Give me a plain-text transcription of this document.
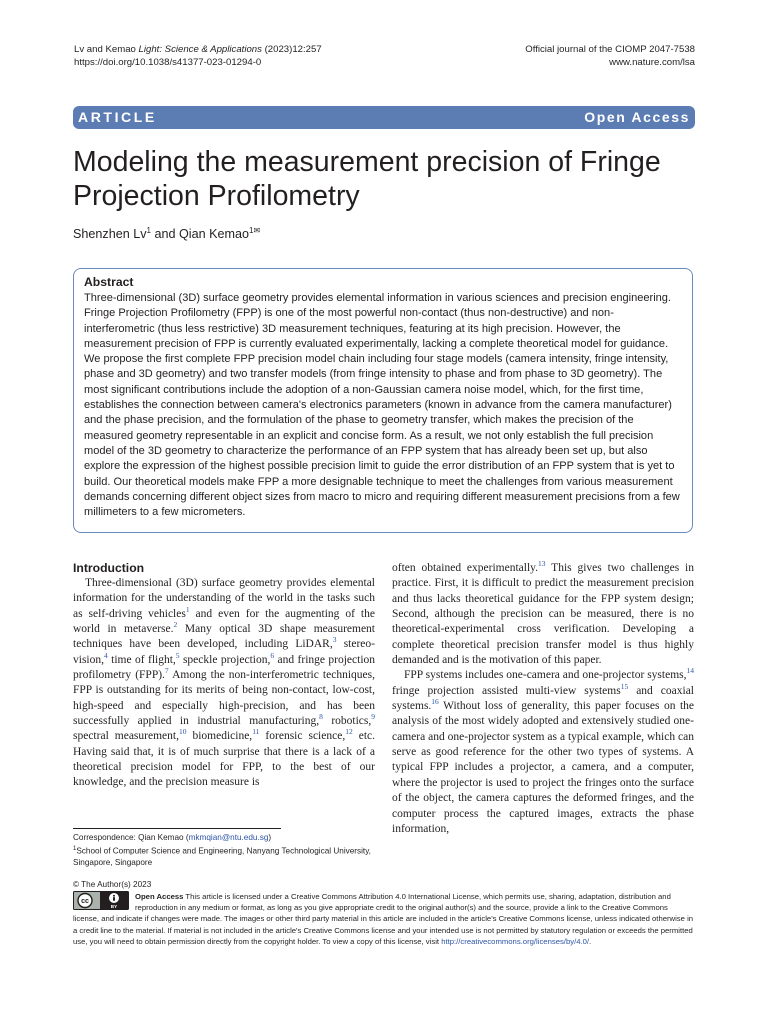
Lv and Kemao Light: Science & Applications (2023)12:257
https://doi.org/10.1038/s41377-023-01294-0
Official journal of the CIOMP 2047-7538
www.nature.com/lsa
ARTICLE	Open Access
Modeling the measurement precision of Fringe Projection Profilometry
Shenzhen Lv$^1$ and Qian Kemao$^{1✉}$
Abstract

Three-dimensional (3D) surface geometry provides elemental information in various sciences and precision engineering. Fringe Projection Profilometry (FPP) is one of the most powerful non-contact (thus non-destructive) and non-interferometric (thus less restrictive) 3D measurement techniques, featuring at its high precision. However, the measurement precision of FPP is currently evaluated experimentally, lacking a complete theoretical model for guidance. We propose the first complete FPP precision model chain including four stage models (camera intensity, fringe intensity, phase and 3D geometry) and two transfer models (from fringe intensity to phase and from phase to 3D geometry). The most significant contributions include the adoption of a non-Gaussian camera noise model, which, for the first time, establishes the connection between camera's electronics parameters (known in advance from the camera manufacturer) and the phase precision, and the formulation of the phase to geometry transfer, which makes the precision of the measured geometry representable in an explicit and concise form. As a result, we not only establish the full precision model of the 3D geometry to characterize the performance of an FPP system that has already been set up, but also explore the expression of the highest possible precision limit to guide the error distribution of an FPP system that is yet to build. Our theoretical models make FPP a more designable technique to meet the challenges from various measurement demands concerning different object sizes from macro to micro and requiring different measurement precisions from a few millimeters to a few micrometers.

Introduction

Three-dimensional (3D) surface geometry provides elemental information for the understanding of the world in the tasks such as self-driving vehicles$^1$ and even for the augmenting of the world in metaverse.$^2$ Many optical 3D shape measurement techniques have been developed, including LiDAR,$^3$ stereo-vision,$^4$ time of flight,$^5$ speckle projection,$^6$ and fringe projection profilometry (FPP).$^7$ Among the non-interferometric techniques, FPP is outstanding for its merits of being non-contact, low-cost, high-speed and especially high-precision, and has been successfully applied in industrial manufacturing,$^8$ robotics,$^9$ spectral measurement,$^{10}$ biomedicine,$^{11}$ forensic science,$^{12}$ etc. Having said that, it is of much surprise that there is a lack of a theoretical precision model for FPP, to the best of our knowledge, and the precision measure is

often obtained experimentally.$^{13}$ This gives two challenges in practice. First, it is difficult to predict the measurement precision and thus lacks theoretical guidance for the FPP system design; Second, although the precision can be measured, there is no theoretical-experimental cross verification. Developing a complete theoretical precision transfer model is thus highly demanded and is the motivation of this paper.

FPP systems includes one-camera and one-projector systems,$^{14}$ fringe projection assisted multi-view systems$^{15}$ and coaxial systems.$^{16}$ Without loss of generality, this paper focuses on the analysis of the most widely adopted and extensively studied one-camera and one-projector system as a typical example, which can serve as good reference for the other two types of systems. A typical FPP includes a projector, a camera, and a computer, where the projector is used to project the fringes onto the surface of the object, the camera captures the deformed fringes, and the computer process the captured images, extracts the phase information,

Correspondence: Qian Kemao (mkmqian@ntu.edu.sg)
$^1$School of Computer Science and Engineering, Nanyang Technological University, Singapore, Singapore
© The Author(s) 2023
cc
BY
Open Access This article is licensed under a Creative Commons Attribution 4.0 International License, which permits use, sharing, adaptation, distribution and reproduction in any medium or format, as long as you give appropriate credit to the original author(s) and the source, provide a link to the Creative Commons license, and indicate if changes were made. The images or other third party material in this article are included in the article's Creative Commons license, unless indicated otherwise in a credit line to the material. If material is not included in the article's Creative Commons license and your intended use is not permitted by statutory regulation or exceeds the permitted use, you will need to obtain permission directly from the copyright holder. To view a copy of this license, visit http://creativecommons.org/licenses/by/4.0/.
